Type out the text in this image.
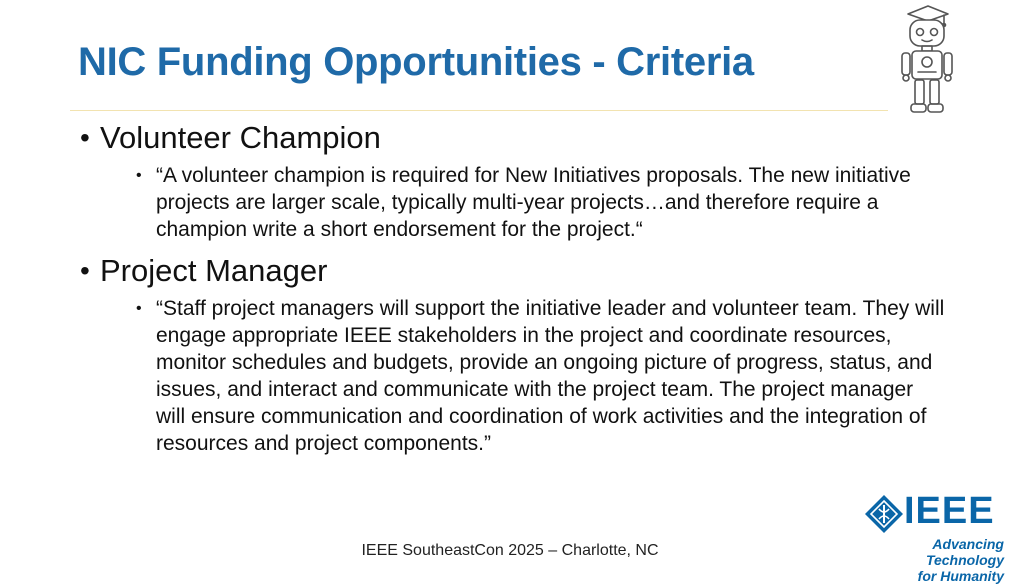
NIC Funding Opportunities - Criteria
• Volunteer Champion
• “A volunteer champion is required for New Initiatives proposals. The new initiative projects are larger scale, typically multi-year projects…and therefore require a champion write a short endorsement for the project.“
• Project Manager
• “Staff project managers will support the initiative leader and volunteer team. They will engage appropriate IEEE stakeholders in the project and coordinate resources, monitor schedules and budgets, provide an ongoing picture of progress, status, and issues, and interact and communicate with the project team. The project manager will ensure communication and coordination of work activities and the integration of resources and project components.”
IEEE SoutheastCon 2025 – Charlotte, NC
IEEE
Advancing Technology
for Humanity
